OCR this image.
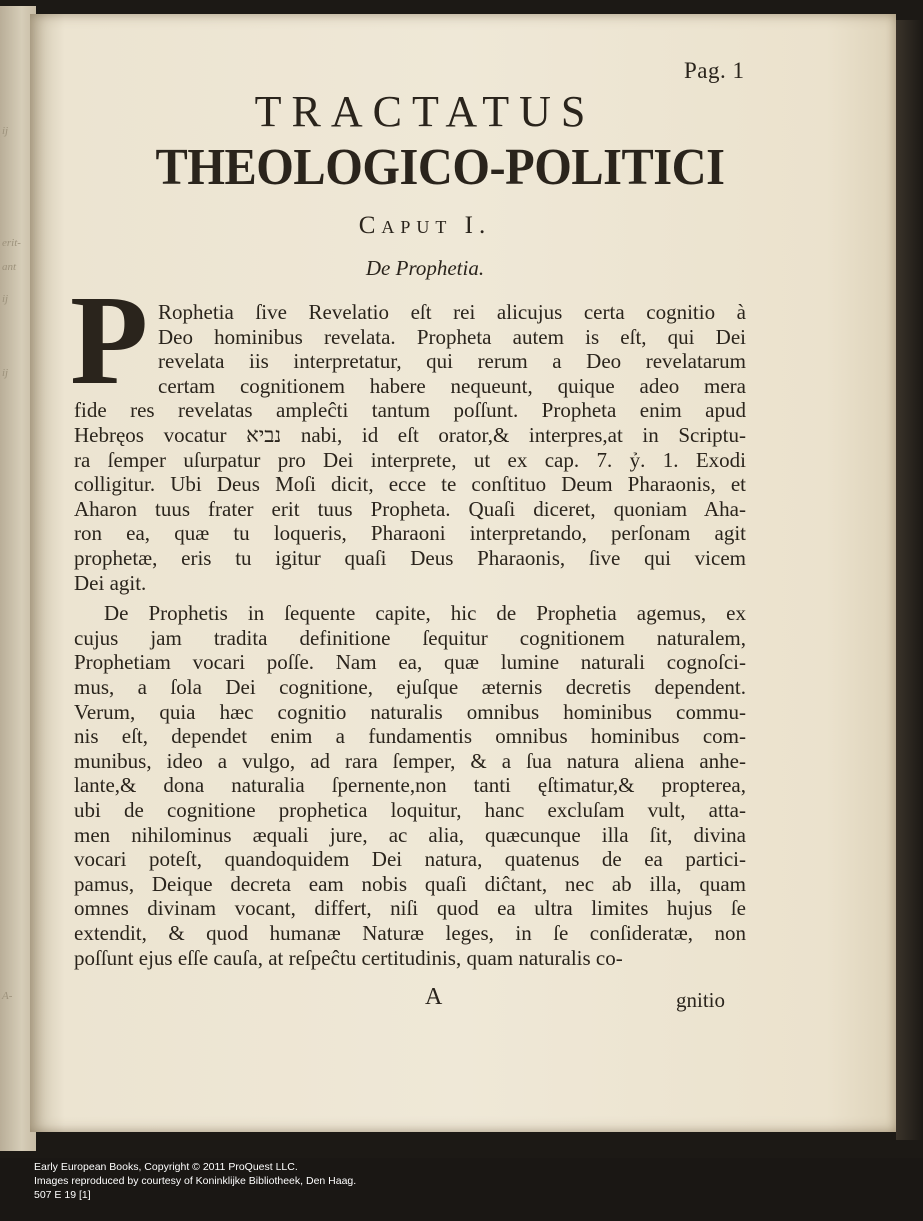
ij
erit-
ant
ij
ij
A-
Pag. 1
TRACTATUS
THEOLOGICO-POLITICI
Caput I.
De Prophetia.
P Rophetia ſive Revelatio eſt rei alicujus certa cognitio à
Deo hominibus revelata. Propheta autem is eſt, qui Dei
revelata iis interpretatur, qui rerum a Deo revelatarum
certam cognitionem habere nequeunt, quique adeo mera
fide res revelatas ampleĉti tantum poſſunt. Propheta enim apud
Hebręos vocatur נביא nabi, id eſt orator,& interpres,at in Scriptu-
ra ſemper uſurpatur pro Dei interprete, ut ex cap. 7. ỷ. 1. Exodi
colligitur. Ubi Deus Moſi dicit, ecce te conſtituo Deum Pharaonis, et
Aharon tuus frater erit tuus Propheta. Quaſi diceret, quoniam Aha-
ron ea, quæ tu loqueris, Pharaoni interpretando, perſonam agit
prophetæ, eris tu igitur quaſi Deus Pharaonis, ſive qui vicem
Dei agit.
De Prophetis in ſequente capite, hic de Prophetia agemus, ex
cujus jam tradita definitione ſequitur cognitionem naturalem,
Prophetiam vocari poſſe. Nam ea, quæ lumine naturali cognoſci-
mus, a ſola Dei cognitione, ejuſque æternis decretis dependent.
Verum, quia hæc cognitio naturalis omnibus hominibus commu-
nis eſt, dependet enim a fundamentis omnibus hominibus com-
munibus, ideo a vulgo, ad rara ſemper, & a ſua natura aliena anhe-
lante,& dona naturalia ſpernente,non tanti ęſtimatur,& propterea,
ubi de cognitione prophetica loquitur, hanc excluſam vult, atta-
men nihilominus æquali jure, ac alia, quæcunque illa ſit, divina
vocari poteſt, quandoquidem Dei natura, quatenus de ea partici-
pamus, Deique decreta eam nobis quaſi diĉtant, nec ab illa, quam
omnes divinam vocant, differt, niſi quod ea ultra limites hujus ſe
extendit, & quod humanæ Naturæ leges, in ſe conſideratæ, non
poſſunt ejus eſſe cauſa, at reſpeĉtu certitudinis, quam naturalis co-
A	gnitio
Early European Books, Copyright © 2011 ProQuest LLC.
Images reproduced by courtesy of Koninklijke Bibliotheek, Den Haag.
507 E 19 [1]
